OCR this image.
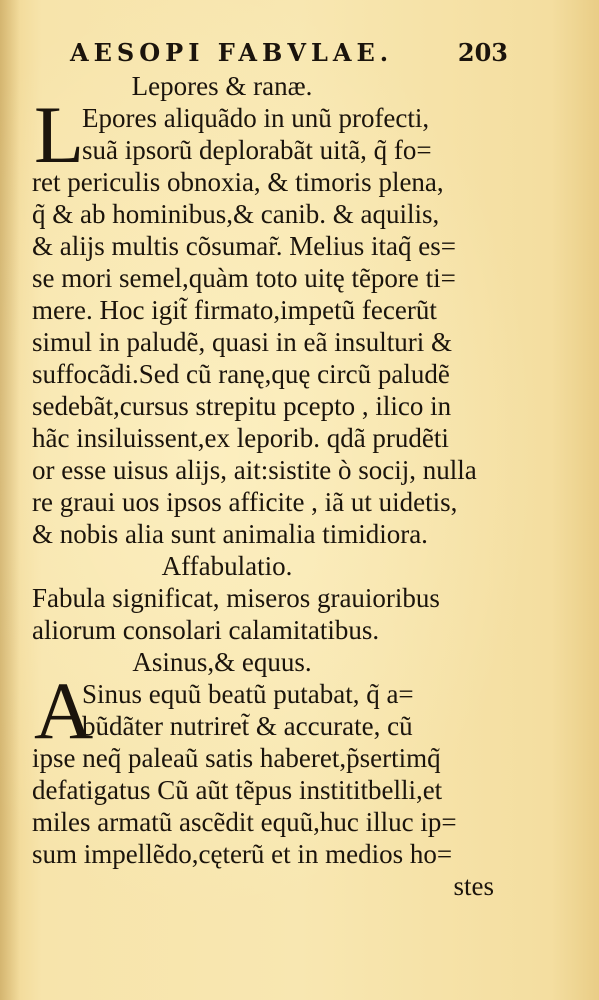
AESOPI FABVLAE.	203
Lepores & ranæ.
L
Epores aliquãdo in unũ profecti,
suã ipsorũ deplorabãt uitã, q̃ fo=
ret periculis obnoxia, & timoris plena,
q̃ & ab hominibus,& canib. & aquilis,
& alijs multis cõsumar̃. Melius itaq̃ es=
se mori semel,quàm toto uitę tẽpore ti=
mere. Hoc igit̃ firmato,impetũ fecerũt
simul in paludẽ, quasi in eã insulturi &
suffocãdi.Sed cũ ranę,quę circũ paludẽ
sedebãt,cursus strepitu pcepto , ilico in
hãc insiluissent,ex leporib. qdã prudẽti
or esse uisus alijs, ait:sistite ò socij, nulla
re graui uos ipsos afficite , iã ut uidetis,
& nobis alia sunt animalia timidiora.
Affabulatio.
Fabula significat, miseros grauioribus
aliorum consolari calamitatibus.
Asinus,& equus.
A
Sinus equũ beatũ putabat, q̃ a=
bũdãter nutriret̃ & accurate, cũ
ipse neq̃ paleaũ satis haberet,p̃sertimq̃
defatigatus Cũ aũt tẽpus instititbelli,et
miles armatũ ascẽdit equũ,huc illuc ip=
sum impellẽdo,cęterũ et in medios ho=
stes
